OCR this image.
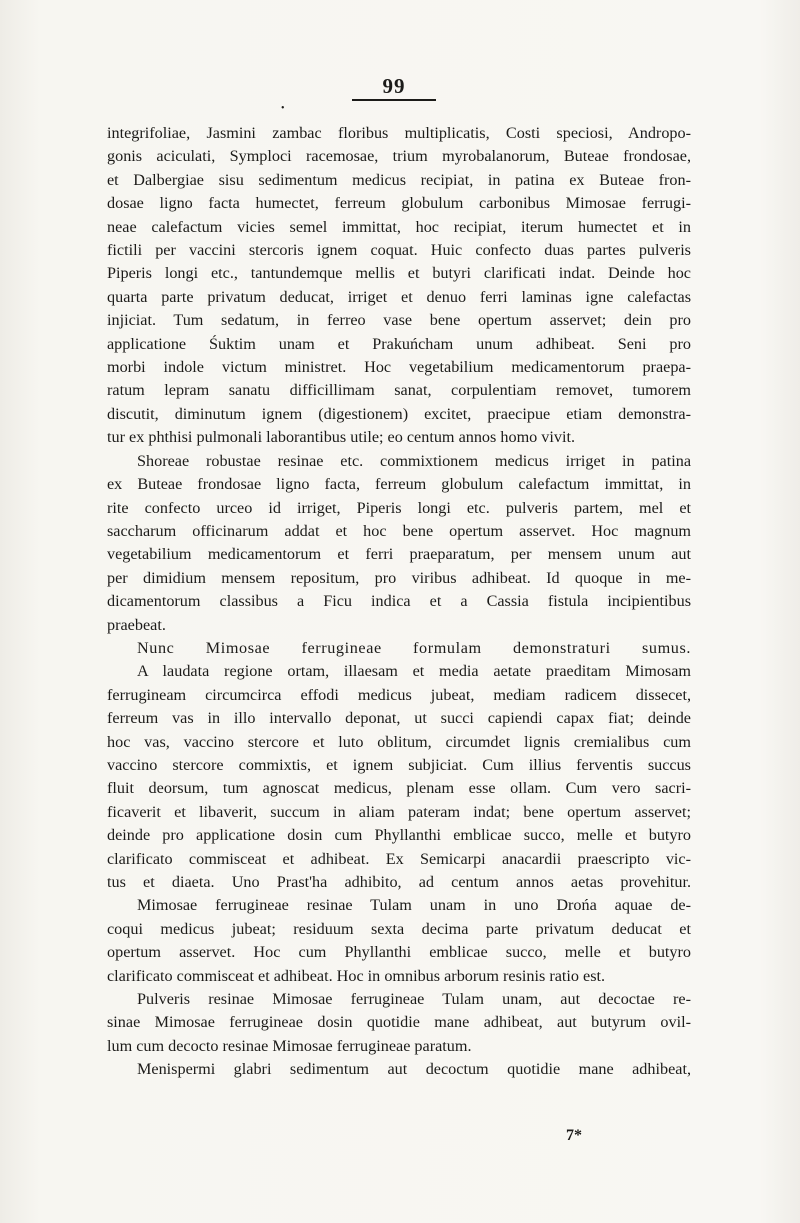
99
•
integrifoliae, Jasmini zambac floribus multiplicatis, Costi speciosi, Andropo-
gonis aciculati, Symploci racemosae, trium myrobalanorum, Buteae frondosae,
et Dalbergiae sisu sedimentum medicus recipiat, in patina ex Buteae fron-
dosae ligno facta humectet, ferreum globulum carbonibus Mimosae ferrugi-
neae calefactum vicies semel immittat, hoc recipiat, iterum humectet et in
fictili per vaccini stercoris ignem coquat. Huic confecto duas partes pulveris
Piperis longi etc., tantundemque mellis et butyri clarificati indat. Deinde hoc
quarta parte privatum deducat, irriget et denuo ferri laminas igne calefactas
injiciat. Tum sedatum, in ferreo vase bene opertum asservet; dein pro
applicatione Śuktim unam et Prakuńcham unum adhibeat. Seni pro
morbi indole victum ministret. Hoc vegetabilium medicamentorum praepa-
ratum lepram sanatu difficillimam sanat, corpulentiam removet, tumorem
discutit, diminutum ignem (digestionem) excitet, praecipue etiam demonstra-
tur ex phthisi pulmonali laborantibus utile; eo centum annos homo vivit.
Shoreae robustae resinae etc. commixtionem medicus irriget in patina
ex Buteae frondosae ligno facta, ferreum globulum calefactum immittat, in
rite confecto urceo id irriget, Piperis longi etc. pulveris partem, mel et
saccharum officinarum addat et hoc bene opertum asservet. Hoc magnum
vegetabilium medicamentorum et ferri praeparatum, per mensem unum aut
per dimidium mensem repositum, pro viribus adhibeat. Id quoque in me-
dicamentorum classibus a Ficu indica et a Cassia fistula incipientibus
praebeat.
Nunc Mimosae ferrugineae formulam demonstraturi sumus.
A laudata regione ortam, illaesam et media aetate praeditam Mimosam
ferrugineam circumcirca effodi medicus jubeat, mediam radicem dissecet,
ferreum vas in illo intervallo deponat, ut succi capiendi capax fiat; deinde
hoc vas, vaccino stercore et luto oblitum, circumdet lignis cremialibus cum
vaccino stercore commixtis, et ignem subjiciat. Cum illius ferventis succus
fluit deorsum, tum agnoscat medicus, plenam esse ollam. Cum vero sacri-
ficaverit et libaverit, succum in aliam pateram indat; bene opertum asservet;
deinde pro applicatione dosin cum Phyllanthi emblicae succo, melle et butyro
clarificato commisceat et adhibeat. Ex Semicarpi anacardii praescripto vic-
tus et diaeta. Uno Prast'ha adhibito, ad centum annos aetas provehitur.
Mimosae ferrugineae resinae Tulam unam in uno Drońa aquae de-
coqui medicus jubeat; residuum sexta decima parte privatum deducat et
opertum asservet. Hoc cum Phyllanthi emblicae succo, melle et butyro
clarificato commisceat et adhibeat. Hoc in omnibus arborum resinis ratio est.
Pulveris resinae Mimosae ferrugineae Tulam unam, aut decoctae re-
sinae Mimosae ferrugineae dosin quotidie mane adhibeat, aut butyrum ovil-
lum cum decocto resinae Mimosae ferrugineae paratum.
Menispermi glabri sedimentum aut decoctum quotidie mane adhibeat,
7*
